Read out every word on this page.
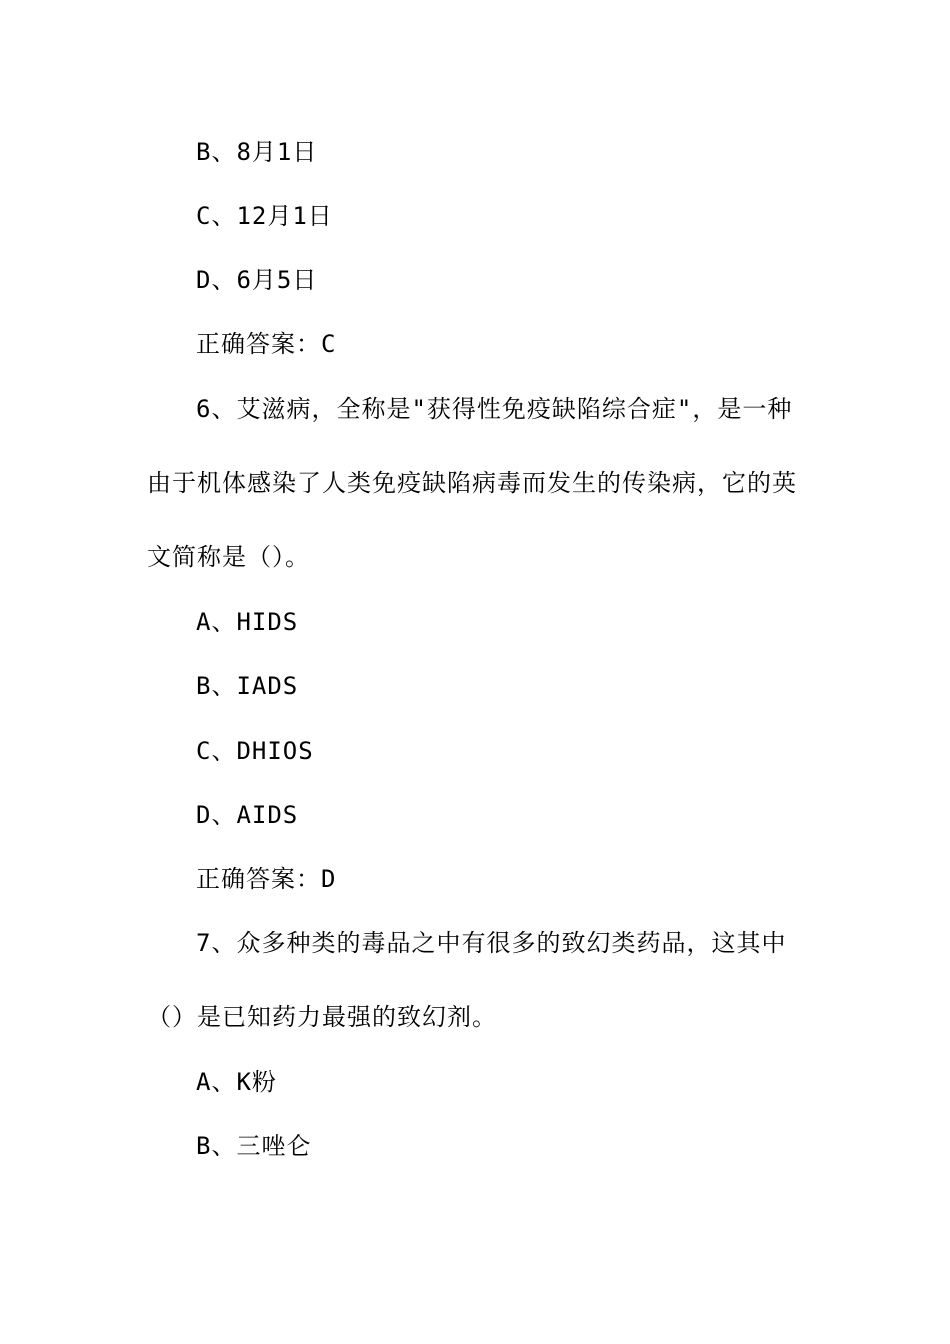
B、8月1日
C、12月1日
D、6月5日
正确答案：C
6、艾滋病，全称是"获得性免疫缺陷综合症"，是一种
由于机体感染了人类免疫缺陷病毒而发生的传染病，它的英
文简称是（）。
A、HIDS
B、IADS
C、DHIOS
D、AIDS
正确答案：D
7、众多种类的毒品之中有很多的致幻类药品，这其中
（）是已知药力最强的致幻剂。
A、K粉
B、三唑仑
